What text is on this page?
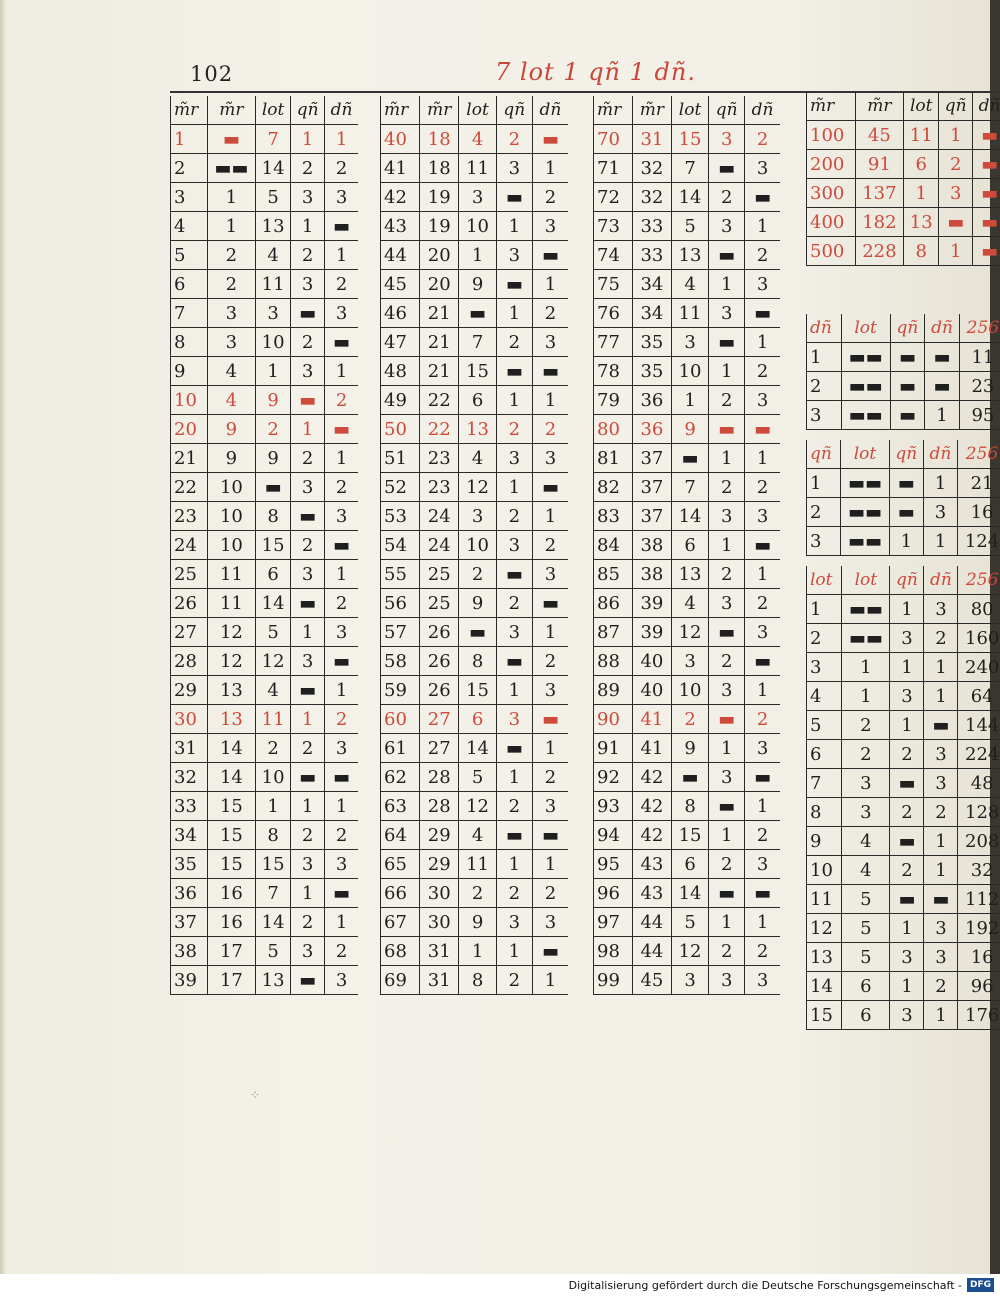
102	7 lot 1 qñ 1 dñ.
m̃r	m̃r	lot	qñ	dñ
1	▬	7	1	1
2	▬▬	14	2	2
3	1	5	3	3
4	1	13	1	▬
5	2	4	2	1
6	2	11	3	2
7	3	3	▬	3
8	3	10	2	▬
9	4	1	3	1
10	4	9	▬	2
20	9	2	1	▬
21	9	9	2	1
22	10	▬	3	2
23	10	8	▬	3
24	10	15	2	▬
25	11	6	3	1
26	11	14	▬	2
27	12	5	1	3
28	12	12	3	▬
29	13	4	▬	1
30	13	11	1	2
31	14	2	2	3
32	14	10	▬	▬
33	15	1	1	1
34	15	8	2	2
35	15	15	3	3
36	16	7	1	▬
37	16	14	2	1
38	17	5	3	2
39	17	13	▬	3
m̃r	m̃r	lot	qñ	dñ
40	18	4	2	▬
41	18	11	3	1
42	19	3	▬	2
43	19	10	1	3
44	20	1	3	▬
45	20	9	▬	1
46	21	▬	1	2
47	21	7	2	3
48	21	15	▬	▬
49	22	6	1	1
50	22	13	2	2
51	23	4	3	3
52	23	12	1	▬
53	24	3	2	1
54	24	10	3	2
55	25	2	▬	3
56	25	9	2	▬
57	26	▬	3	1
58	26	8	▬	2
59	26	15	1	3
60	27	6	3	▬
61	27	14	▬	1
62	28	5	1	2
63	28	12	2	3
64	29	4	▬	▬
65	29	11	1	1
66	30	2	2	2
67	30	9	3	3
68	31	1	1	▬
69	31	8	2	1
m̃r	m̃r	lot	qñ	dñ
70	31	15	3	2
71	32	7	▬	3
72	32	14	2	▬
73	33	5	3	1
74	33	13	▬	2
75	34	4	1	3
76	34	11	3	▬
77	35	3	▬	1
78	35	10	1	2
79	36	1	2	3
80	36	9	▬	▬
81	37	▬	1	1
82	37	7	2	2
83	37	14	3	3
84	38	6	1	▬
85	38	13	2	1
86	39	4	3	2
87	39	12	▬	3
88	40	3	2	▬
89	40	10	3	1
90	41	2	▬	2
91	41	9	1	3
92	42	▬	3	▬
93	42	8	▬	1
94	42	15	1	2
95	43	6	2	3
96	43	14	▬	▬
97	44	5	1	1
98	44	12	2	2
99	45	3	3	3
m̃r	m̃r	lot	qñ	dñ
100	45	11	1	▬
200	91	6	2	▬
300	137	1	3	▬
400	182	13	▬	▬
500	228	8	1	▬
dñ	lot	qñ	dñ	256
1	▬▬	▬	▬	11
2	▬▬	▬	▬	23
3	▬▬	▬	1	95
qñ	lot	qñ	dñ	256
1	▬▬	▬	1	21
2	▬▬	▬	3	16
3	▬▬	1	1	124
lot	lot	qñ	dñ	256
1	▬▬	1	3	80
2	▬▬	3	2	160
3	1	1	1	240
4	1	3	1	64
5	2	1	▬	144
6	2	2	3	224
7	3	▬	3	48
8	3	2	2	128
9	4	▬	1	208
10	4	2	1	32
11	5	▬	▬	112
12	5	1	3	192
13	5	3	3	16
14	6	1	2	96
15	6	3	1	176
⁘
Digitalisierung gefördert durch die Deutsche Forschungsgemeinschaft - DFG
